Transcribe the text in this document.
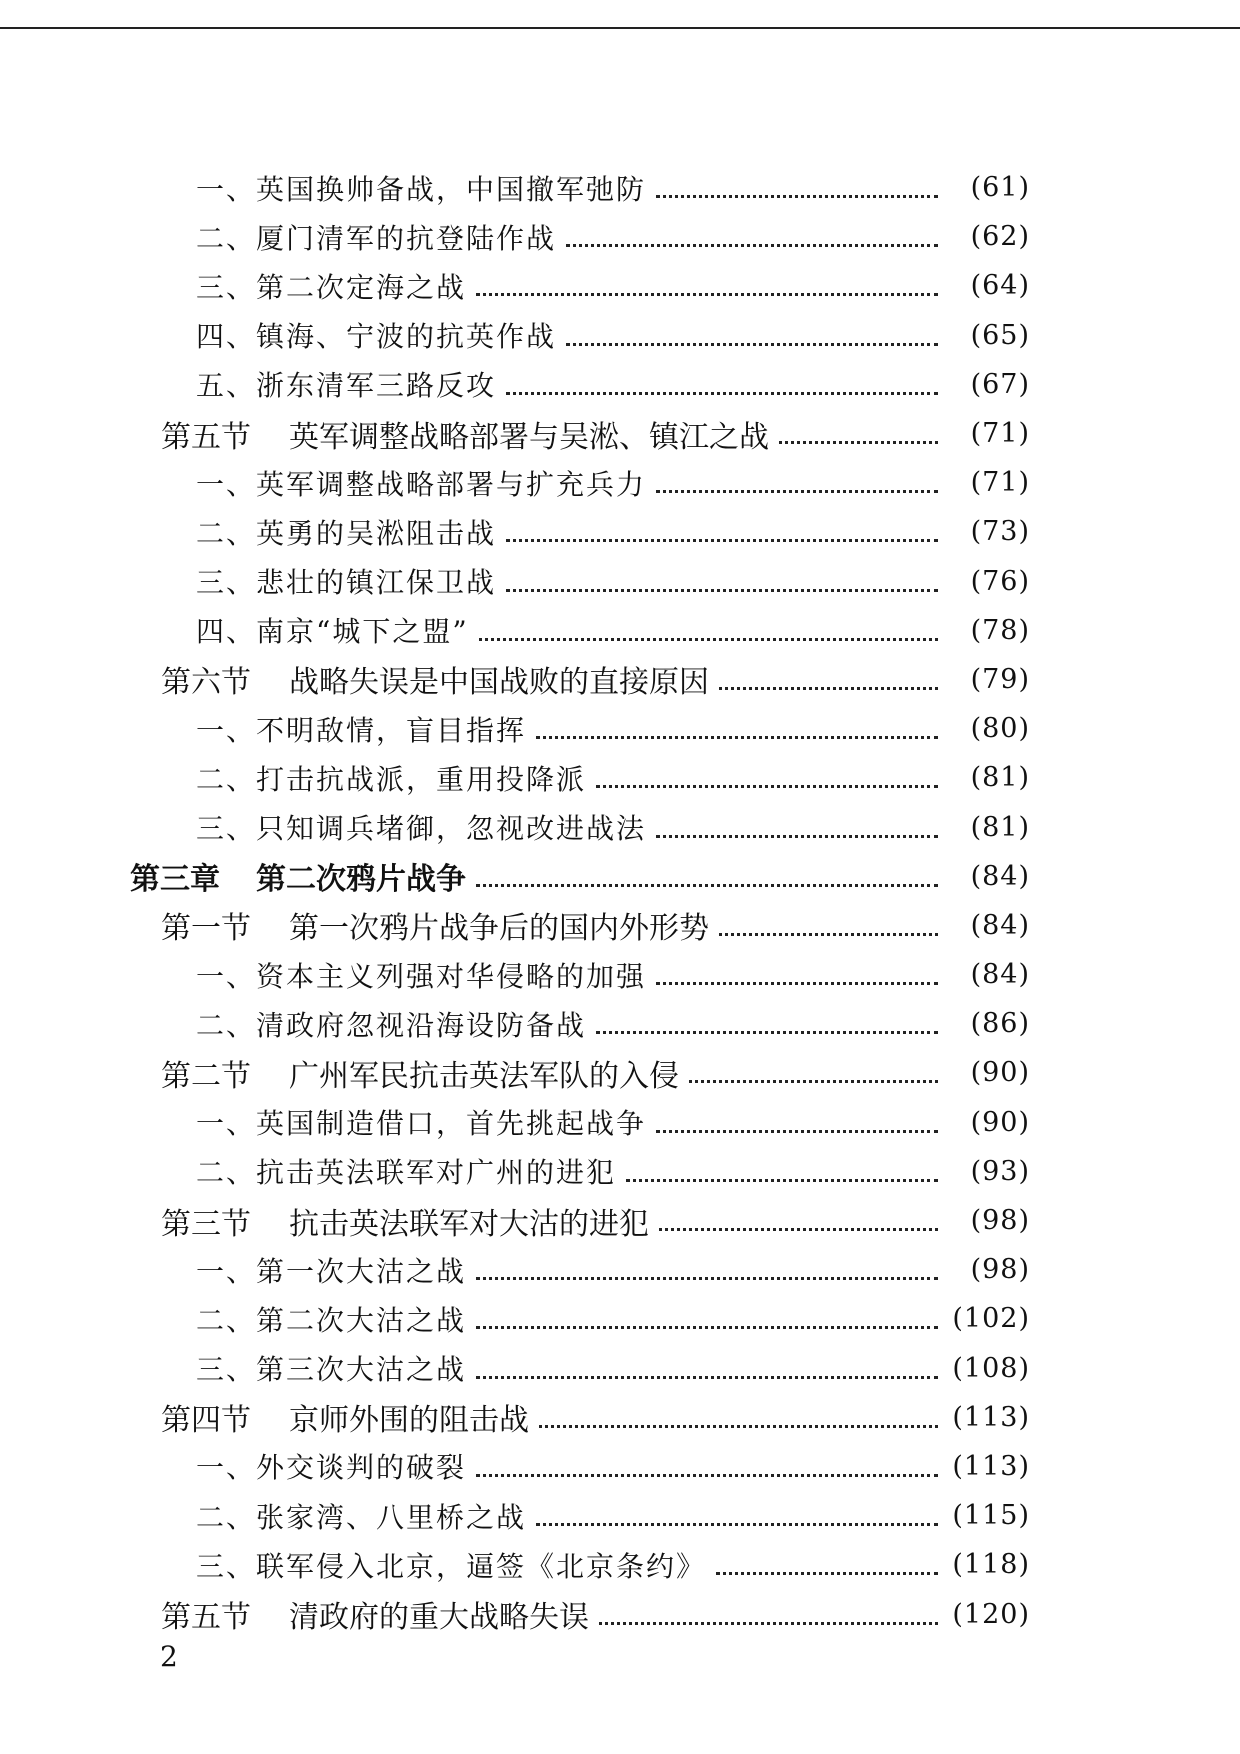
一、 英国换帅备战，中国撤军弛防	(61)
二、 厦门清军的抗登陆作战	(62)
三、 第二次定海之战	(64)
四、 镇海、宁波的抗英作战	(65)
五、 浙东清军三路反攻	(67)
第五节 英军调整战略部署与吴淞、镇江之战	(71)
一、 英军调整战略部署与扩充兵力	(71)
二、 英勇的吴淞阻击战	(73)
三、 悲壮的镇江保卫战	(76)
四、 南京“城下之盟”	(78)
第六节 战略失误是中国战败的直接原因	(79)
一、 不明敌情，盲目指挥	(80)
二、 打击抗战派，重用投降派	(81)
三、 只知调兵堵御，忽视改进战法	(81)
第三章 第二次鸦片战争	(84)
第一节 第一次鸦片战争后的国内外形势	(84)
一、 资本主义列强对华侵略的加强	(84)
二、 清政府忽视沿海设防备战	(86)
第二节 广州军民抗击英法军队的入侵	(90)
一、 英国制造借口，首先挑起战争	(90)
二、 抗击英法联军对广州的进犯	(93)
第三节 抗击英法联军对大沽的进犯	(98)
一、 第一次大沽之战	(98)
二、 第二次大沽之战	(102)
三、 第三次大沽之战	(108)
第四节 京师外围的阻击战	(113)
一、 外交谈判的破裂	(113)
二、 张家湾、八里桥之战	(115)
三、 联军侵入北京，逼签《北京条约》	(118)
第五节 清政府的重大战略失误	(120)
2
